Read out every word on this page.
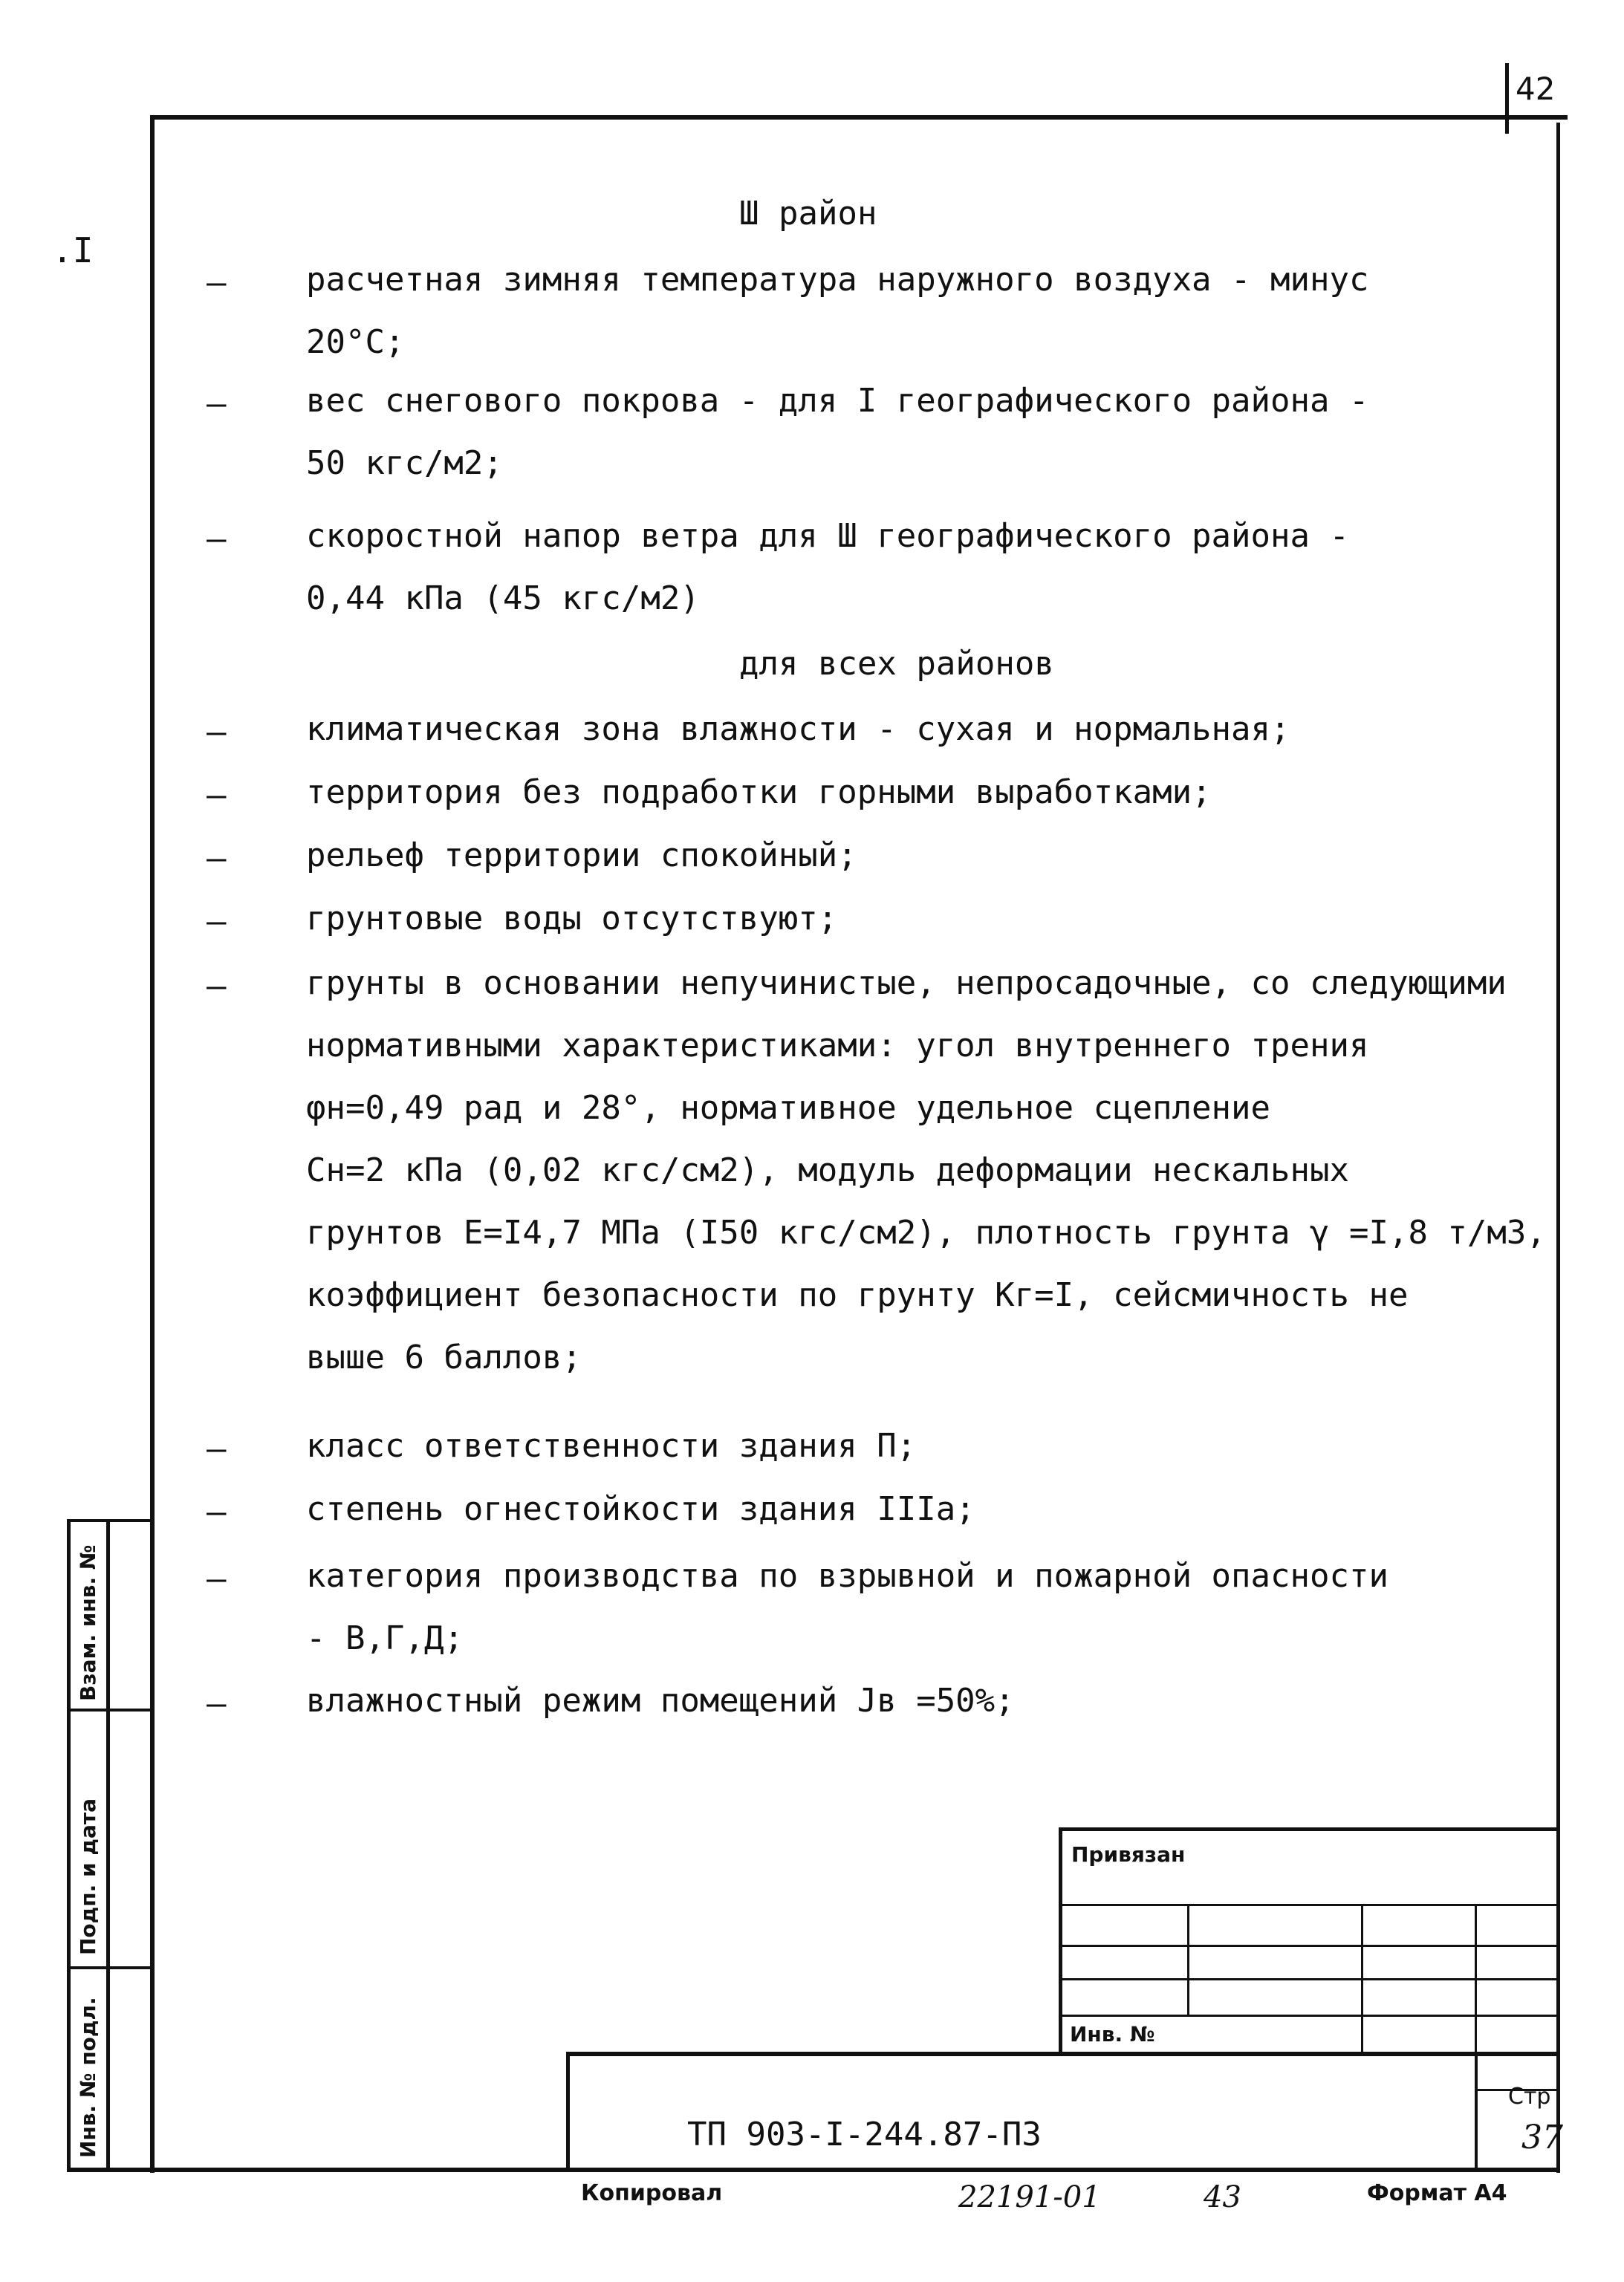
42
.I
Ш район
для всех районов
– расчетная зимняя температура наружного воздуха - минус
20°С;
– вес снегового покрова - для I географического района -
50 кгс/м2;
– скоростной напор ветра для Ш географического района -
0,44 кПа (45 кгс/м2)
– климатическая зона влажности - сухая и нормальная;
– территория без подработки горными выработками;
– рельеф территории спокойный;
– грунтовые воды отсутствуют;
– грунты в основании непучинистые, непросадочные, со следующими
нормативными характеристиками: угол внутреннего трения
φн=0,49 рад и 28°, нормативное удельное сцепление
Сн=2 кПа (0,02 кгс/см2), модуль деформации нескальных
грунтов Е=I4,7 МПа (I50 кгс/см2), плотность грунта γ =I,8 т/м3,
коэффициент безопасности по грунту Кг=I, сейсмичность не
выше 6 баллов;
– класс ответственности здания П;
– степень огнестойкости здания IIIа;
– категория производства по взрывной и пожарной опасности
- В,Г,Д;
– влажностный режим помещений Jв =50%;
Взам. инв. №
Подп. и дата
Инв. № подл.
Привязан
Инв. №
Стр
37
ТП 903-I-244.87-П3
Копировал	22191-01	43	Формат А4
